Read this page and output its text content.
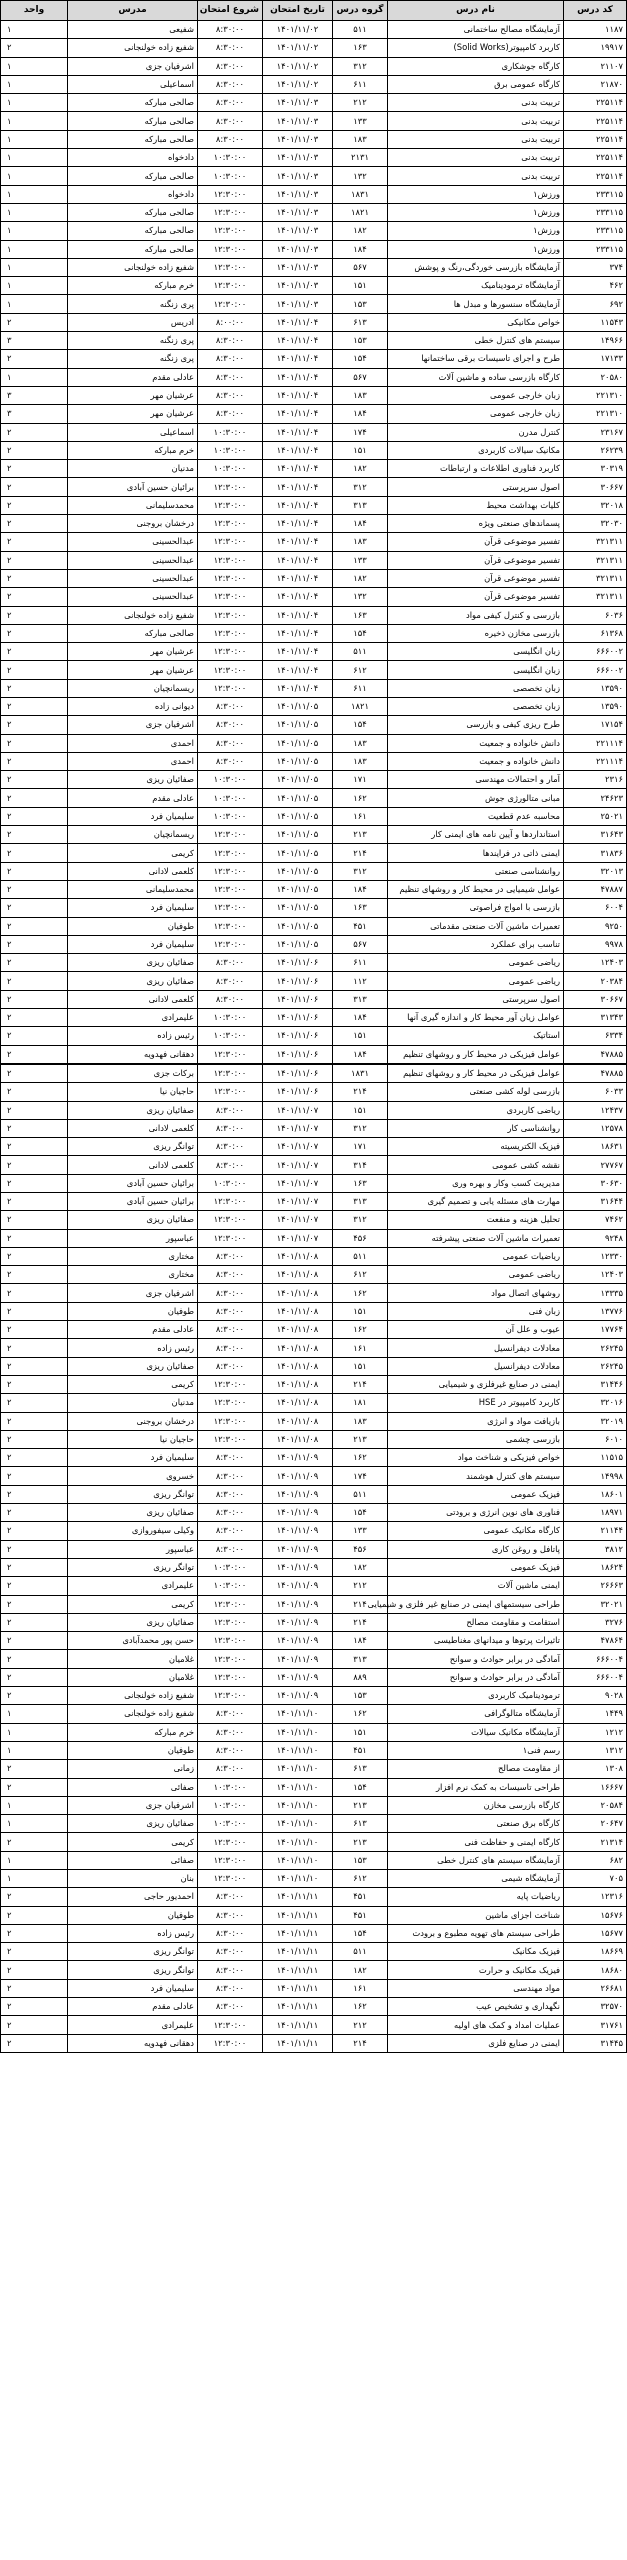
کد درس	نام درس	گروه درس	تاریخ امتحان	شروع امتحان	مدرس	واحد
۱۱۸۷	آزمایشگاه مصالح ساختمانی	۵۱۱	۱۴۰۱/۱۱/۰۲	۸:۳۰:۰۰	شفیعی	۱
۱۹۹۱۷	کاربرد کامپیوتر(Solid Works)	۱۶۳	۱۴۰۱/۱۱/۰۲	۸:۳۰:۰۰	شفیع زاده خولنجانی	۲
۲۱۱۰۷	کارگاه جوشکاری	۳۱۲	۱۴۰۱/۱۱/۰۲	۸:۳۰:۰۰	اشرفیان جزی	۱
۲۱۸۷۰	کارگاه عمومی برق	۶۱۱	۱۴۰۱/۱۱/۰۲	۸:۳۰:۰۰	اسماعیلی	۱
۲۲۵۱۱۴	تربیت بدنی	۲۱۲	۱۴۰۱/۱۱/۰۳	۸:۳۰:۰۰	صالحی مبارکه	۱
۲۲۵۱۱۴	تربیت بدنی	۱۳۳	۱۴۰۱/۱۱/۰۳	۸:۳۰:۰۰	صالحی مبارکه	۱
۲۲۵۱۱۴	تربیت بدنی	۱۸۳	۱۴۰۱/۱۱/۰۳	۸:۳۰:۰۰	صالحی مبارکه	۱
۲۲۵۱۱۴	تربیت بدنی	۲۱۳۱	۱۴۰۱/۱۱/۰۳	۱۰:۳۰:۰۰	دادخواه	۱
۲۲۵۱۱۴	تربیت بدنی	۱۳۲	۱۴۰۱/۱۱/۰۳	۱۰:۳۰:۰۰	صالحی مبارکه	۱
۲۳۳۱۱۵	ورزش۱	۱۸۳۱	۱۴۰۱/۱۱/۰۳	۱۲:۳۰:۰۰	دادخواه	۱
۲۳۳۱۱۵	ورزش۱	۱۸۲۱	۱۴۰۱/۱۱/۰۳	۱۲:۳۰:۰۰	صالحی مبارکه	۱
۲۳۳۱۱۵	ورزش۱	۱۸۲	۱۴۰۱/۱۱/۰۳	۱۲:۳۰:۰۰	صالحی مبارکه	۱
۲۳۳۱۱۵	ورزش۱	۱۸۴	۱۴۰۱/۱۱/۰۳	۱۲:۳۰:۰۰	صالحی مبارکه	۱
۳۷۴	آزمایشگاه بازرسی خوردگی،رنگ و پوشش	۵۶۷	۱۴۰۱/۱۱/۰۳	۱۲:۳۰:۰۰	شفیع زاده خولنجانی	۱
۴۶۲	آزمایشگاه ترمودینامیک	۱۵۱	۱۴۰۱/۱۱/۰۳	۱۲:۳۰:۰۰	خرم مبارکه	۱
۶۹۲	آزمایشگاه سنسورها و مبدل ها	۱۵۳	۱۴۰۱/۱۱/۰۳	۱۲:۳۰:۰۰	پری زنگنه	۱
۱۱۵۴۳	خواص مکانیکی	۶۱۳	۱۴۰۱/۱۱/۰۴	۸:۰۰:۰۰	ادریس	۲
۱۴۹۶۶	سیستم های کنترل خطی	۱۵۳	۱۴۰۱/۱۱/۰۴	۸:۳۰:۰۰	پری زنگنه	۳
۱۷۱۳۳	طرح و اجرای تاسیسات برقی ساختمانها	۱۵۴	۱۴۰۱/۱۱/۰۴	۸:۳۰:۰۰	پری زنگنه	۲
۲۰۵۸۰	کارگاه بازرسی ساده و ماشین آلات	۵۶۷	۱۴۰۱/۱۱/۰۴	۸:۳۰:۰۰	عادلی مقدم	۱
۲۲۱۳۱۰	زبان خارجی عمومی	۱۸۳	۱۴۰۱/۱۱/۰۴	۸:۳۰:۰۰	عرشیان مهر	۳
۲۲۱۳۱۰	زبان خارجی عمومی	۱۸۴	۱۴۰۱/۱۱/۰۴	۸:۳۰:۰۰	عرشیان مهر	۳
۲۳۱۶۷	کنترل مدرن	۱۷۴	۱۴۰۱/۱۱/۰۴	۱۰:۳۰:۰۰	اسماعیلی	۲
۲۶۲۳۹	مکانیک سیالات کاربردی	۱۵۱	۱۴۰۱/۱۱/۰۴	۱۰:۳۰:۰۰	خرم مبارکه	۲
۳۰۳۱۹	کاربرد فناوری اطلاعات و ارتباطات	۱۸۲	۱۴۰۱/۱۱/۰۴	۱۰:۳۰:۰۰	مدنیان	۲
۳۰۶۶۷	اصول سرپرستی	۳۱۲	۱۴۰۱/۱۱/۰۴	۱۲:۳۰:۰۰	برائیان حسین آبادی	۲
۳۲۰۱۸	کلیات بهداشت محیط	۳۱۳	۱۴۰۱/۱۱/۰۴	۱۲:۳۰:۰۰	محمدسلیمانی	۲
۳۲۰۳۰	پسماندهای صنعتی ویژه	۱۸۴	۱۴۰۱/۱۱/۰۴	۱۲:۳۰:۰۰	درخشان بروجنی	۲
۳۲۱۳۱۱	تفسیر موضوعی قرآن	۱۸۳	۱۴۰۱/۱۱/۰۴	۱۲:۳۰:۰۰	عبدالحسینی	۲
۳۲۱۳۱۱	تفسیر موضوعی قرآن	۱۳۳	۱۴۰۱/۱۱/۰۴	۱۲:۳۰:۰۰	عبدالحسینی	۲
۳۲۱۳۱۱	تفسیر موضوعی قرآن	۱۸۲	۱۴۰۱/۱۱/۰۴	۱۲:۳۰:۰۰	عبدالحسینی	۲
۳۲۱۳۱۱	تفسیر موضوعی قرآن	۱۳۲	۱۴۰۱/۱۱/۰۴	۱۲:۳۰:۰۰	عبدالحسینی	۲
۶۰۳۶	بازرسی و کنترل کیفی مواد	۱۶۳	۱۴۰۱/۱۱/۰۴	۱۲:۳۰:۰۰	شفیع زاده خولنجانی	۲
۶۱۳۶۸	بازرسی مخازن ذخیره	۱۵۴	۱۴۰۱/۱۱/۰۴	۱۲:۳۰:۰۰	صالحی مبارکه	۲
۶۶۶۰۰۲	زبان انگلیسی	۵۱۱	۱۴۰۱/۱۱/۰۴	۱۲:۳۰:۰۰	عرشیان مهر	۲
۶۶۶۰۰۲	زبان انگلیسی	۶۱۲	۱۴۰۱/۱۱/۰۴	۱۲:۳۰:۰۰	عرشیان مهر	۲
۱۳۵۹۰	زبان تخصصی	۶۱۱	۱۴۰۱/۱۱/۰۴	۱۲:۳۰:۰۰	ریسمانچیان	۲
۱۳۵۹۰	زبان تخصصی	۱۸۲۱	۱۴۰۱/۱۱/۰۵	۸:۳۰:۰۰	دیوانی زاده	۲
۱۷۱۵۴	طرح ریزی کیفی و بازرسی	۱۵۴	۱۴۰۱/۱۱/۰۵	۸:۳۰:۰۰	اشرفیان جزی	۲
۲۲۱۱۱۴	دانش خانواده و جمعیت	۱۸۳	۱۴۰۱/۱۱/۰۵	۸:۳۰:۰۰	احمدی	۲
۲۲۱۱۱۴	دانش خانواده و جمعیت	۱۸۳	۱۴۰۱/۱۱/۰۵	۸:۳۰:۰۰	احمدی	۲
۲۳۱۶	آمار و احتمالات مهندسی	۱۷۱	۱۴۰۱/۱۱/۰۵	۱۰:۳۰:۰۰	صفائیان ریزی	۲
۲۴۶۲۳	مبانی متالورژی جوش	۱۶۲	۱۴۰۱/۱۱/۰۵	۱۰:۳۰:۰۰	عادلی مقدم	۲
۲۵۰۲۱	محاسبه عدم قطعیت	۱۶۱	۱۴۰۱/۱۱/۰۵	۱۰:۳۰:۰۰	سلیمیان فرد	۲
۳۱۶۴۳	استانداردها و آیین نامه های ایمنی کار	۲۱۳	۱۴۰۱/۱۱/۰۵	۱۲:۳۰:۰۰	ریسمانچیان	۲
۳۱۸۳۶	ایمنی ذاتی در فرایندها	۲۱۴	۱۴۰۱/۱۱/۰۵	۱۲:۳۰:۰۰	کریمی	۲
۳۲۰۱۳	روانشناسی صنعتی	۳۱۲	۱۴۰۱/۱۱/۰۵	۱۲:۳۰:۰۰	کلعمی لادانی	۲
۴۷۸۸۷	عوامل شیمیایی در محیط کار و روشهای تنظیم	۱۸۴	۱۴۰۱/۱۱/۰۵	۱۲:۳۰:۰۰	محمدسلیمانی	۲
۶۰۰۴	بازرسی با امواج فراصوتی	۱۶۳	۱۴۰۱/۱۱/۰۵	۱۲:۳۰:۰۰	سلیمیان فرد	۲
۹۲۵۰	تعمیرات ماشین آلات صنعتی مقدماتی	۴۵۱	۱۴۰۱/۱۱/۰۵	۱۲:۳۰:۰۰	طوفیان	۲
۹۹۷۸	تناسب برای عملکرد	۵۶۷	۱۴۰۱/۱۱/۰۵	۱۲:۳۰:۰۰	سلیمیان فرد	۲
۱۲۴۰۳	ریاضی عمومی	۶۱۱	۱۴۰۱/۱۱/۰۶	۸:۳۰:۰۰	صفائیان ریزی	۲
۲۰۳۸۴	ریاضی عمومی	۱۱۲	۱۴۰۱/۱۱/۰۶	۸:۳۰:۰۰	صفائیان ریزی	۲
۳۰۶۶۷	اصول سرپرستی	۳۱۳	۱۴۰۱/۱۱/۰۶	۸:۳۰:۰۰	کلعمی لادانی	۲
۳۱۳۴۳	عوامل زیان آور محیط کار و اندازه گیری آنها	۱۸۴	۱۴۰۱/۱۱/۰۶	۱۰:۳۰:۰۰	علیمرادی	۲
۶۳۳۴	استاتیک	۱۵۱	۱۴۰۱/۱۱/۰۶	۱۰:۳۰:۰۰	رئیس زاده	۲
۴۷۸۸۵	عوامل فیزیکی در محیط کار و روشهای تنظیم	۱۸۴	۱۴۰۱/۱۱/۰۶	۱۲:۳۰:۰۰	دهقانی فهدویه	۲
۴۷۸۸۵	عوامل فیزیکی در محیط کار و روشهای تنظیم	۱۸۳۱	۱۴۰۱/۱۱/۰۶	۱۲:۳۰:۰۰	برکات جزی	۲
۶۰۳۳	بازرسی لوله کشی صنعتی	۲۱۴	۱۴۰۱/۱۱/۰۶	۱۲:۳۰:۰۰	حاجیان نیا	۲
۱۲۴۳۷	ریاضی کاربردی	۱۵۱	۱۴۰۱/۱۱/۰۷	۸:۳۰:۰۰	صفائیان ریزی	۲
۱۲۵۷۸	روانشناسی کار	۳۱۲	۱۴۰۱/۱۱/۰۷	۸:۳۰:۰۰	کلعمی لادانی	۲
۱۸۶۳۱	فیزیک الکتریسیته	۱۷۱	۱۴۰۱/۱۱/۰۷	۸:۳۰:۰۰	توانگر ریزی	۲
۲۷۷۶۷	نقشه کشی عمومی	۳۱۴	۱۴۰۱/۱۱/۰۷	۸:۳۰:۰۰	کلعمی لادانی	۲
۳۰۶۳۰	مدیریت کسب وکار و بهره وری	۱۶۳	۱۴۰۱/۱۱/۰۷	۱۰:۳۰:۰۰	برائیان حسین آبادی	۲
۳۱۶۴۴	مهارت های مسئله یابی و تصمیم گیری	۳۱۳	۱۴۰۱/۱۱/۰۷	۱۲:۳۰:۰۰	برائیان حسین آبادی	۲
۷۴۶۲	تحلیل هزینه و منفعت	۳۱۲	۱۴۰۱/۱۱/۰۷	۱۲:۳۰:۰۰	صفائیان ریزی	۲
۹۲۴۸	تعمیرات ماشین آلات صنعتی پیشرفته	۴۵۶	۱۴۰۱/۱۱/۰۷	۱۲:۳۰:۰۰	عباسپور	۲
۱۲۳۳۰	ریاضیات عمومی	۵۱۱	۱۴۰۱/۱۱/۰۸	۸:۳۰:۰۰	مختاری	۲
۱۲۴۰۳	ریاضی عمومی	۶۱۲	۱۴۰۱/۱۱/۰۸	۸:۳۰:۰۰	مختاری	۲
۱۳۳۳۵	روشهای اتصال مواد	۱۶۲	۱۴۰۱/۱۱/۰۸	۸:۳۰:۰۰	اشرفیان جزی	۲
۱۳۷۷۶	زبان فنی	۱۵۱	۱۴۰۱/۱۱/۰۸	۸:۳۰:۰۰	طوفیان	۲
۱۷۷۶۴	عیوب و علل آن	۱۶۲	۱۴۰۱/۱۱/۰۸	۸:۳۰:۰۰	عادلی مقدم	۲
۲۶۲۴۵	معادلات دیفرانسیل	۱۶۱	۱۴۰۱/۱۱/۰۸	۸:۳۰:۰۰	رئیس زاده	۲
۲۶۲۴۵	معادلات دیفرانسیل	۱۵۱	۱۴۰۱/۱۱/۰۸	۸:۳۰:۰۰	صفائیان ریزی	۲
۳۱۴۴۶	ایمنی در صنایع غیرفلزی و شیمیایی	۲۱۴	۱۴۰۱/۱۱/۰۸	۱۲:۳۰:۰۰	کریمی	۲
۳۲۰۱۶	کاربرد کامپیوتر در HSE	۱۸۱	۱۴۰۱/۱۱/۰۸	۱۲:۳۰:۰۰	مدنیان	۲
۳۲۰۱۹	بازیافت مواد و انرژی	۱۸۳	۱۴۰۱/۱۱/۰۸	۱۲:۳۰:۰۰	درخشان بروجنی	۲
۶۰۱۰	بازرسی چشمی	۲۱۳	۱۴۰۱/۱۱/۰۸	۱۲:۳۰:۰۰	حاجیان نیا	۲
۱۱۵۱۵	خواص فیزیکی و شناخت مواد	۱۶۲	۱۴۰۱/۱۱/۰۹	۸:۳۰:۰۰	سلیمیان فرد	۲
۱۴۹۹۸	سیستم های کنترل هوشمند	۱۷۴	۱۴۰۱/۱۱/۰۹	۸:۳۰:۰۰	خسروی	۲
۱۸۶۰۱	فیزیک عمومی	۵۱۱	۱۴۰۱/۱۱/۰۹	۸:۳۰:۰۰	توانگر ریزی	۲
۱۸۹۷۱	فناوری های نوین انرژی و برودتی	۱۵۴	۱۴۰۱/۱۱/۰۹	۸:۳۰:۰۰	صفائیان ریزی	۲
۲۱۱۴۴	کارگاه مکانیک عمومی	۱۳۳	۱۴۰۱/۱۱/۰۹	۸:۳۰:۰۰	وکیلی سیفوروازی	۲
۳۸۱۲	پاتافل و روغن کاری	۴۵۶	۱۴۰۱/۱۱/۰۹	۸:۳۰:۰۰	عباسپور	۲
۱۸۶۲۴	فیزیک عمومی	۱۸۲	۱۴۰۱/۱۱/۰۹	۱۰:۳۰:۰۰	توانگر ریزی	۲
۲۶۶۶۳	ایمنی ماشین آلات	۲۱۲	۱۴۰۱/۱۱/۰۹	۱۰:۳۰:۰۰	علیمرادی	۲
۳۲۰۲۱	طراحی سیستمهای ایمنی در صنایع غیر فلزی و شیمیایی	۲۱۴	۱۴۰۱/۱۱/۰۹	۱۲:۳۰:۰۰	کریمی	۲
۳۲۷۶	استقامت و مقاومت مصالح	۲۱۴	۱۴۰۱/۱۱/۰۹	۱۲:۳۰:۰۰	صفائیان ریزی	۲
۴۷۸۶۴	تاثیرات پرتوها و میدانهای مغناطیسی	۱۸۴	۱۴۰۱/۱۱/۰۹	۱۲:۳۰:۰۰	حسن پور محمدآبادی	۲
۶۶۶۰۰۴	آمادگی در برابر حوادث و سوانح	۳۱۳	۱۴۰۱/۱۱/۰۹	۱۲:۳۰:۰۰	غلامیان	۲
۶۶۶۰۰۴	آمادگی در برابر حوادث و سوانح	۸۸۹	۱۴۰۱/۱۱/۰۹	۱۲:۳۰:۰۰	غلامیان	۲
۹۰۲۸	ترمودینامیک کاربردی	۱۵۳	۱۴۰۱/۱۱/۰۹	۱۲:۳۰:۰۰	شفیع زاده خولنجانی	۲
۱۴۴۹	آزمایشگاه متالوگرافی	۱۶۲	۱۴۰۱/۱۱/۱۰	۸:۳۰:۰۰	شفیع زاده خولنجانی	۱
۱۲۱۲	آزمایشگاه مکانیک سیالات	۱۵۱	۱۴۰۱/۱۱/۱۰	۸:۳۰:۰۰	خرم مبارکه	۱
۱۳۱۲	رسم فنی۱	۴۵۱	۱۴۰۱/۱۱/۱۰	۸:۳۰:۰۰	طوفیان	۱
۱۳۰۸	از مقاومت مصالح	۶۱۳	۱۴۰۱/۱۱/۱۰	۸:۳۰:۰۰	زمانی	۲
۱۶۶۶۷	طراحی تاسیسات به کمک نرم افزار	۱۵۴	۱۴۰۱/۱۱/۱۰	۱۰:۳۰:۰۰	صفائی	۲
۲۰۵۸۴	کارگاه بازرسی مخازن	۲۱۳	۱۴۰۱/۱۱/۱۰	۱۰:۳۰:۰۰	اشرفیان جزی	۱
۲۰۶۴۷	کارگاه برق صنعتی	۶۱۳	۱۴۰۱/۱۱/۱۰	۱۰:۳۰:۰۰	صفائیان ریزی	۱
۲۱۳۱۴	کارگاه ایمنی و حفاظت فنی	۲۱۳	۱۴۰۱/۱۱/۱۰	۱۲:۳۰:۰۰	کریمی	۲
۶۸۲	آزمایشگاه سیستم های کنترل خطی	۱۵۳	۱۴۰۱/۱۱/۱۰	۱۲:۳۰:۰۰	صفائی	۱
۷۰۵	آزمایشگاه شیمی	۶۱۲	۱۴۰۱/۱۱/۱۰	۱۲:۳۰:۰۰	بنان	۱
۱۲۳۱۶	ریاضیات پایه	۴۵۱	۱۴۰۱/۱۱/۱۱	۸:۳۰:۰۰	احمدیور حاجی	۲
۱۵۶۷۶	شناخت اجزای ماشین	۴۵۱	۱۴۰۱/۱۱/۱۱	۸:۳۰:۰۰	طوفیان	۲
۱۵۶۷۷	طراحی سیستم های تهویه مطبوع و برودت	۱۵۴	۱۴۰۱/۱۱/۱۱	۸:۳۰:۰۰	رئیس زاده	۲
۱۸۶۶۹	فیزیک مکانیک	۵۱۱	۱۴۰۱/۱۱/۱۱	۸:۳۰:۰۰	توانگر ریزی	۲
۱۸۶۸۰	فیزیک مکانیک و حرارت	۱۸۲	۱۴۰۱/۱۱/۱۱	۸:۳۰:۰۰	توانگر ریزی	۲
۲۶۶۸۱	مواد مهندسی	۱۶۱	۱۴۰۱/۱۱/۱۱	۸:۳۰:۰۰	سلیمیان فرد	۲
۳۲۵۷۰	نگهداری و تشخیص عیب	۱۶۲	۱۴۰۱/۱۱/۱۱	۸:۳۰:۰۰	عادلی مقدم	۲
۳۱۷۶۱	عملیات امداد و کمک های اولیه	۲۱۲	۱۴۰۱/۱۱/۱۱	۱۲:۳۰:۰۰	علیمرادی	۲
۳۱۴۴۵	ایمنی در صنایع فلزی	۲۱۴	۱۴۰۱/۱۱/۱۱	۱۲:۳۰:۰۰	دهقانی فهدویه	۲
